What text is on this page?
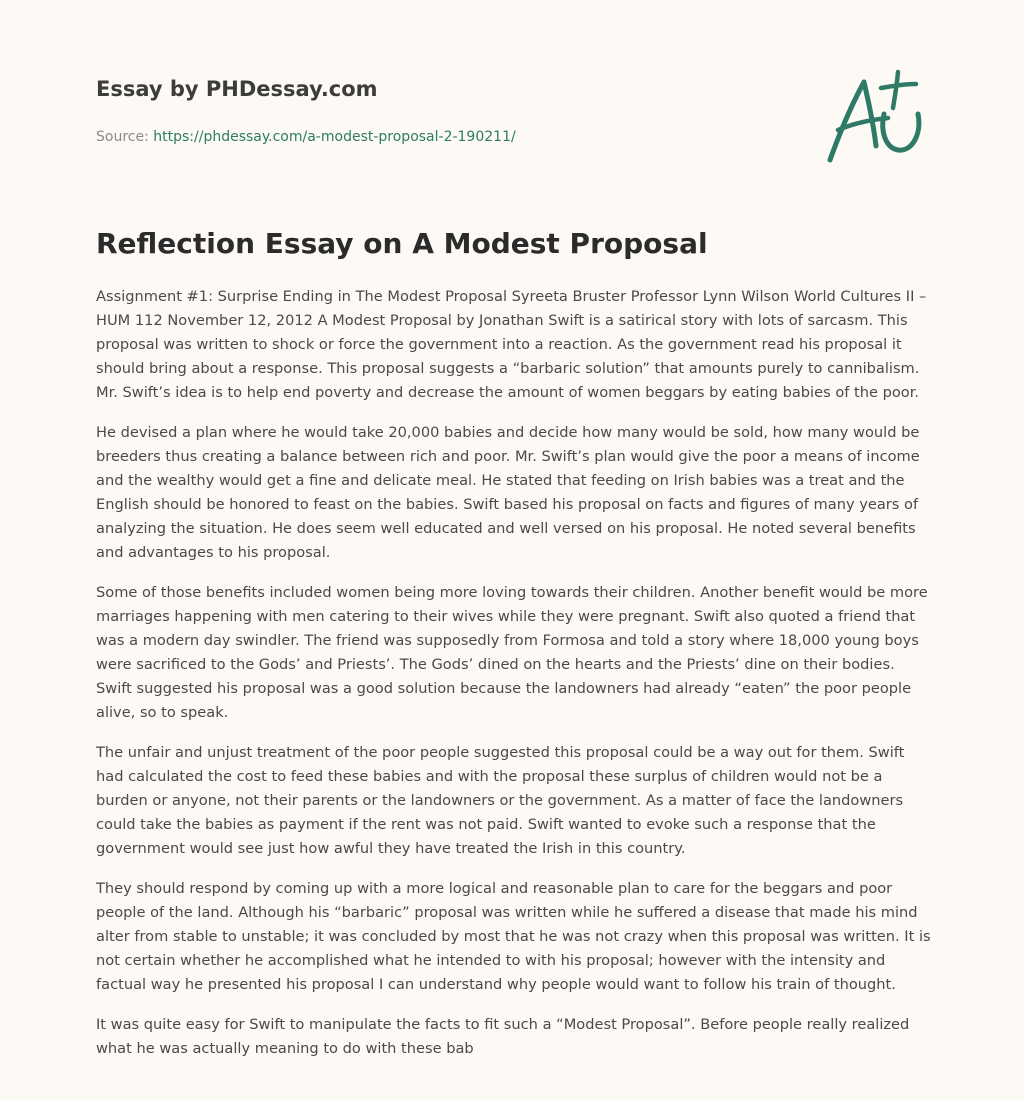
Essay by PHDessay.com
Source: https://phdessay.com/a-modest-proposal-2-190211/
Reflection Essay on A Modest Proposal

Assignment #1: Surprise Ending in The Modest Proposal Syreeta Bruster Professor Lynn Wilson World Cultures II – HUM 112 November 12, 2012 A Modest Proposal by Jonathan Swift is a satirical story with lots of sarcasm. This proposal was written to shock or force the government into a reaction. As the government read his proposal it should bring about a response. This proposal suggests a “barbaric solution” that amounts purely to cannibalism. Mr. Swift’s idea is to help end poverty and decrease the amount of women beggars by eating babies of the poor.

He devised a plan where he would take 20,000 babies and decide how many would be sold, how many would be breeders thus creating a balance between rich and poor. Mr. Swift’s plan would give the poor a means of income and the wealthy would get a fine and delicate meal. He stated that feeding on Irish babies was a treat and the English should be honored to feast on the babies. Swift based his proposal on facts and figures of many years of analyzing the situation. He does seem well educated and well versed on his proposal. He noted several benefits and advantages to his proposal.

Some of those benefits included women being more loving towards their children. Another benefit would be more marriages happening with men catering to their wives while they were pregnant. Swift also quoted a friend that was a modern day swindler. The friend was supposedly from Formosa and told a story where 18,000 young boys were sacrificed to the Gods’ and Priests’. The Gods’ dined on the hearts and the Priests’ dine on their bodies. Swift suggested his proposal was a good solution because the landowners had already “eaten” the poor people alive, so to speak.

The unfair and unjust treatment of the poor people suggested this proposal could be a way out for them. Swift had calculated the cost to feed these babies and with the proposal these surplus of children would not be a burden or anyone, not their parents or the landowners or the government. As a matter of face the landowners could take the babies as payment if the rent was not paid. Swift wanted to evoke such a response that the government would see just how awful they have treated the Irish in this country.

They should respond by coming up with a more logical and reasonable plan to care for the beggars and poor people of the land. Although his “barbaric” proposal was written while he suffered a disease that made his mind alter from stable to unstable; it was concluded by most that he was not crazy when this proposal was written. It is not certain whether he accomplished what he intended to with his proposal; however with the intensity and factual way he presented his proposal I can understand why people would want to follow his train of thought.

It was quite easy for Swift to manipulate the facts to fit such a “Modest Proposal”. Before people really realized what he was actually meaning to do with these bab
